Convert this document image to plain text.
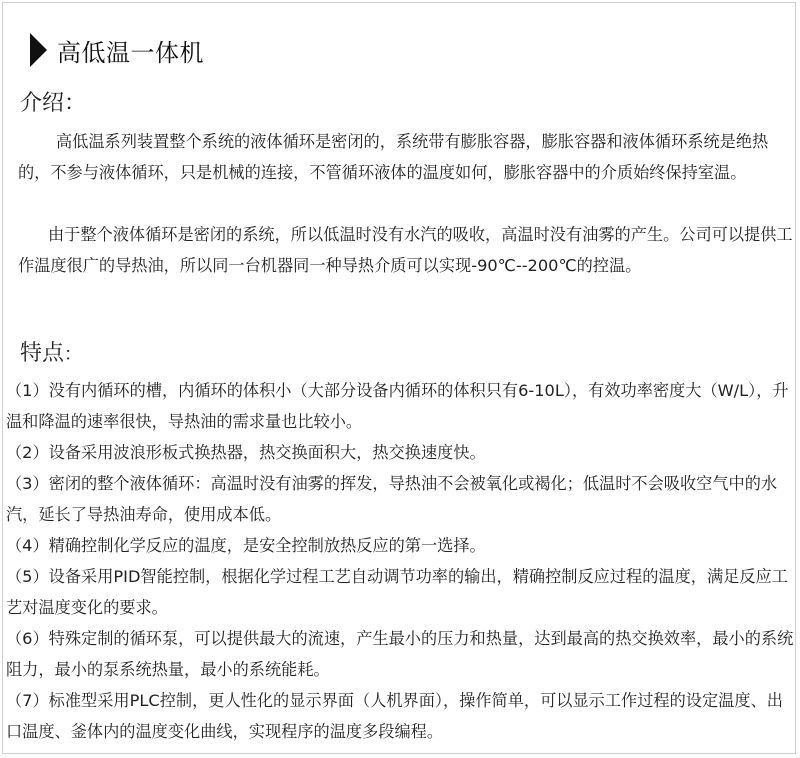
高低温一体机
介绍：

高低温系列装置整个系统的液体循环是密闭的，系统带有膨胀容器，膨胀容器和液体循环系统是绝热的，不参与液体循环，只是机械的连接，不管循环液体的温度如何，膨胀容器中的介质始终保持室温。

由于整个液体循环是密闭的系统，所以低温时没有水汽的吸收，高温时没有油雾的产生。公司可以提供工作温度很广的导热油，所以同一台机器同一种导热介质可以实现-90℃--200℃的控温。

特点：

（1）没有内循环的槽，内循环的体积小（大部分设备内循环的体积只有6-10L），有效功率密度大（W/L），升温和降温的速率很快，导热油的需求量也比较小。

（2）设备采用波浪形板式换热器，热交换面积大，热交换速度快。

（3）密闭的整个液体循环：高温时没有油雾的挥发，导热油不会被氧化或褐化；低温时不会吸收空气中的水汽，延长了导热油寿命，使用成本低。

（4）精确控制化学反应的温度，是安全控制放热反应的第一选择。

（5）设备采用PID智能控制，根据化学过程工艺自动调节功率的输出，精确控制反应过程的温度，满足反应工艺对温度变化的要求。

（6）特殊定制的循环泵，可以提供最大的流速，产生最小的压力和热量，达到最高的热交换效率，最小的系统阻力，最小的泵系统热量，最小的系统能耗。

（7）标准型采用PLC控制，更人性化的显示界面（人机界面），操作简单，可以显示工作过程的设定温度、出口温度、釜体内的温度变化曲线，实现程序的温度多段编程。
